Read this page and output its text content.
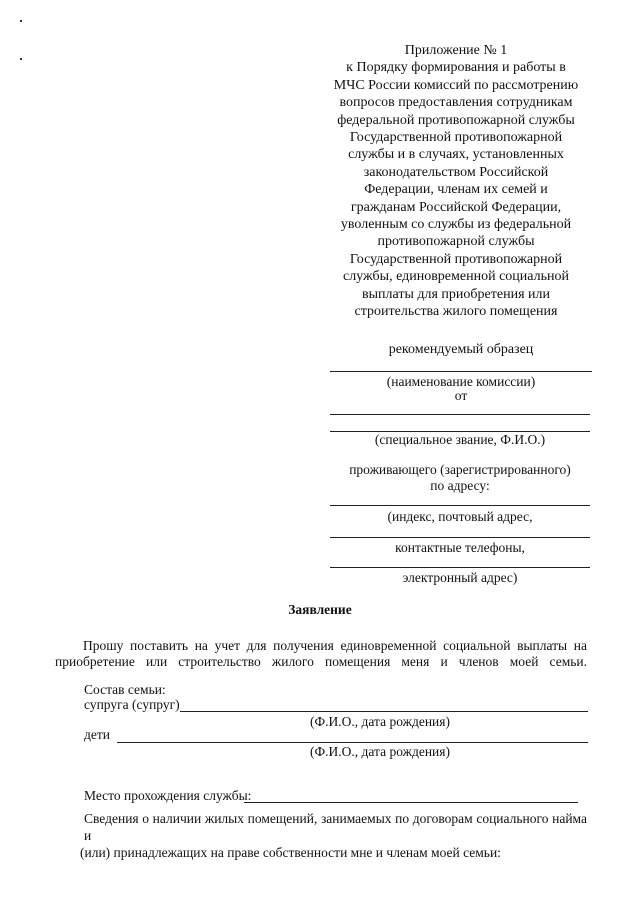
Приложение № 1
к Порядку формирования и работы в
МЧС России комиссий по рассмотрению
вопросов предоставления сотрудникам
федеральной противопожарной службы
Государственной противопожарной
службы и в случаях, установленных
законодательством Российской
Федерации, членам их семей и
гражданам Российской Федерации,
уволенным со службы из федеральной
противопожарной службы
Государственной противопожарной
службы, единовременной социальной
выплаты для приобретения или
строительства жилого помещения
рекомендуемый образец
(наименование комиссии)
от
(специальное звание, Ф.И.О.)
проживающего (зарегистрированного)
по адресу:
(индекс, почтовый адрес,
контактные телефоны,
электронный адрес)
Заявление
Прошу поставить на учет для получения единовременной социальной выплаты на приобретение или строительство жилого помещения меня и членов моей семьи.
Состав семьи:
супруга (супруг)
(Ф.И.О., дата рождения)
дети
(Ф.И.О., дата рождения)
Место прохождения службы:
Сведения о наличии жилых помещений, занимаемых по договорам социального найма и
(или) принадлежащих на праве собственности мне и членам моей семьи:
